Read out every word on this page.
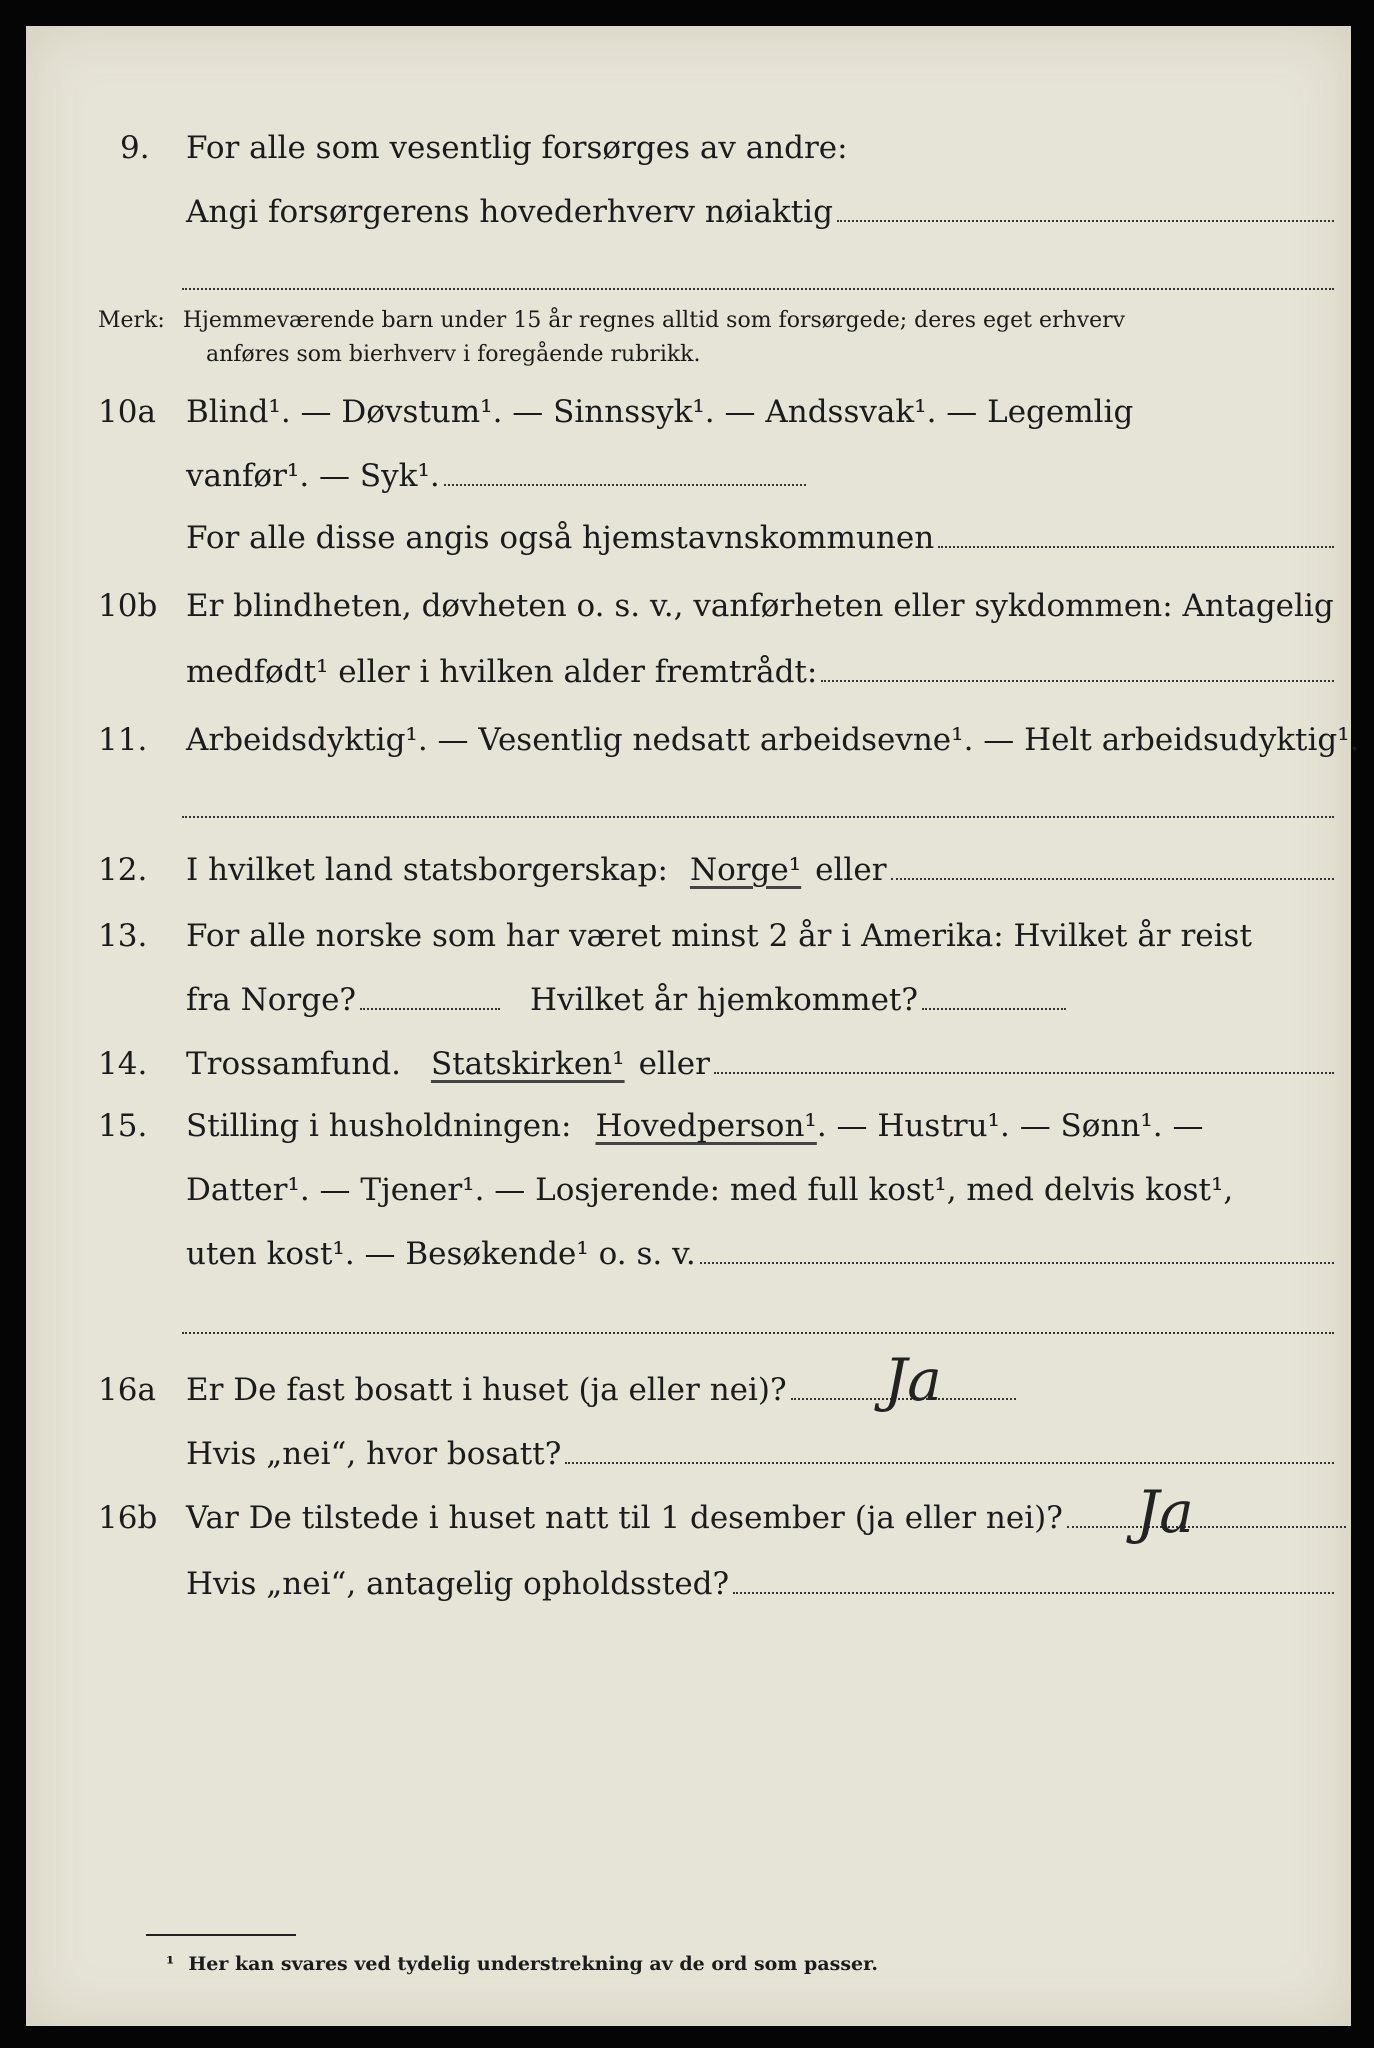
9. For alle som vesentlig forsørges av andre:
Angi forsørgerens hovederhverv nøiaktig
Merk: Hjemmeværende barn under 15 år regnes alltid som forsørgede; deres eget erhverv
anføres som bierhverv i foregående rubrikk.
10a Blind¹. — Døvstum¹. — Sinnssyk¹. — Andssvak¹. — Legemlig
vanfør¹. — Syk¹.
For alle disse angis også hjemstavnskommunen
10b Er blindheten, døvheten o. s. v., vanførheten eller sykdommen: Antagelig
medfødt¹ eller i hvilken alder fremtrådt:
11. Arbeidsdyktig¹. — Vesentlig nedsatt arbeidsevne¹. — Helt arbeidsudyktig¹.
12. I hvilket land statsborgerskap: Norge¹ eller
13. For alle norske som har været minst 2 år i Amerika: Hvilket år reist
fra Norge?	Hvilket år hjemkommet?
14. Trossamfund. Statskirken¹ eller
15. Stilling i husholdningen: Hovedperson¹ . — Hustru¹. — Sønn¹. —
Datter¹. — Tjener¹. — Losjerende: med full kost¹, med delvis kost¹,
uten kost¹. — Besøkende¹ o. s. v.
16a Er De fast bosatt i huset (ja eller nei)? Ja
Hvis „nei“, hvor bosatt?
16b Var De tilstede i huset natt til 1 desember (ja eller nei)? Ja
Hvis „nei“, antagelig opholdssted?
¹ Her kan svares ved tydelig understrekning av de ord som passer.
